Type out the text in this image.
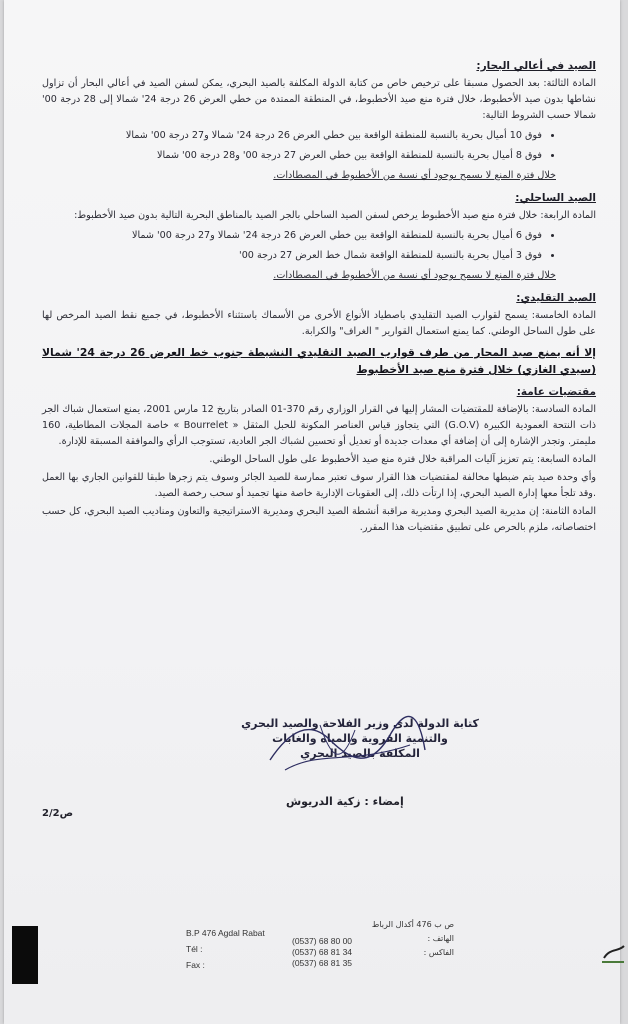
الصيد في أعالي البحار:

المادة الثالثة: بعد الحصول مسبقا على ترخيص خاص من كتابة الدولة المكلفة بالصيد البحري، يمكن لسفن الصيد في أعالي البحار أن تزاول نشاطها بدون صيد الأخطبوط، خلال فترة منع صيد الأخطبوط، في المنطقة الممتدة من خطي العرض 26 درجة 24' شمالا إلى 28 درجة 00' شمالا حسب الشروط التالية:

• فوق 10 أميال بحرية بالنسبة للمنطقة الواقعة بين خطي العرض 26 درجة 24' شمالا و27 درجة 00' شمالا
• فوق 8 أميال بحرية بالنسبة للمنطقة الواقعة بين خطي العرض 27 درجة 00' و28 درجة 00' شمالا
خلال فترة المنع لا يسمح بوجود أي نسبة من الأخطبوط في المصطادات.
الصيد الساحلي:

المادة الرابعة: خلال فترة منع صيد الأخطبوط يرخص لسفن الصيد الساحلي بالجر الصيد بالمناطق البحرية التالية بدون صيد الأخطبوط:

• فوق 6 أميال بحرية بالنسبة للمنطقة الواقعة بين خطي العرض 26 درجة 24' شمالا و27 درجة 00' شمالا
• فوق 3 أميال بحرية بالنسبة للمنطقة الواقعة شمال خط العرض 27 درجة 00'
خلال فترة المنع لا يسمح بوجود أي نسبة من الأخطبوط في المصطادات.
الصيد التقليدي:

المادة الخامسة: يسمح لقوارب الصيد التقليدي باصطياد الأنواع الأخرى من الأسماك باستثناء الأخطبوط، في جميع نقط الصيد المرخص لها على طول الساحل الوطني. كما يمنع استعمال القوارير " الغراف" والكرابة.

إلا أنه يمنع صيد المحار من طرف قوارب الصيد التقليدي النشيطة جنوب خط العرض 26 درجة 24' شمالا (سيدي الغازي) خلال فترة منع صيد الأخطبوط
مقتضيات عامة:

المادة السادسة: بالإضافة للمقتضيات المشار إليها في القرار الوزاري رقم 370-01 الصادر بتاريخ 12 مارس 2001، يمنع استعمال شباك الجر ذات النتحة العمودية الكبيرة (G.O.V) التي يتجاوز قياس العناصر المكونة للحبل المثقل « Bourrelet » خاصة المجلات المطاطية، 160 مليمتر. وتجدر الإشارة إلى أن إضافة أي معدات جديدة أو تعديل أو تحسين لشباك الجر العادية، تستوجب الرأي والموافقة المسبقة للإدارة.

المادة السابعة: يتم تعزيز آليات المراقبة خلال فترة منع صيد الأخطبوط على طول الساحل الوطني.

وأي وحدة صيد يتم ضبطها مخالفة لمقتضيات هذا القرار سوف تعتبر ممارسة للصيد الجائر وسوف يتم زجرها طبقا للقوانين الجاري بها العمل .وقد تلجأ معها إدارة الصيد البحري، إذا ارتأت ذلك، إلى العقوبات الإدارية خاصة منها تجميد أو سحب رخصة الصيد.

المادة الثامنة: إن مديرية الصيد البحري ومديرية مراقبة أنشطة الصيد البحري ومديرية الاستراتيجية والتعاون ومناديب الصيد البحري، كل حسب اختصاصاته، ملزم بالحرص على تطبيق مقتضيات هذا المقرر.

كتابة الدولة لدى وزير الفلاحة والصيد البحري
والتنمية القروية والمياه والغابات
المكلفة بالصيد البحري
إمضاء : زكية الدريوش
ص2/2
B.P 476 Agdal Rabat
Tél :
Fax :
(0537) 68 80 00
(0537) 68 81 34
(0537) 68 81 35
ص ب 476 أكدال الرباط
الهاتف :
الفاكس :
